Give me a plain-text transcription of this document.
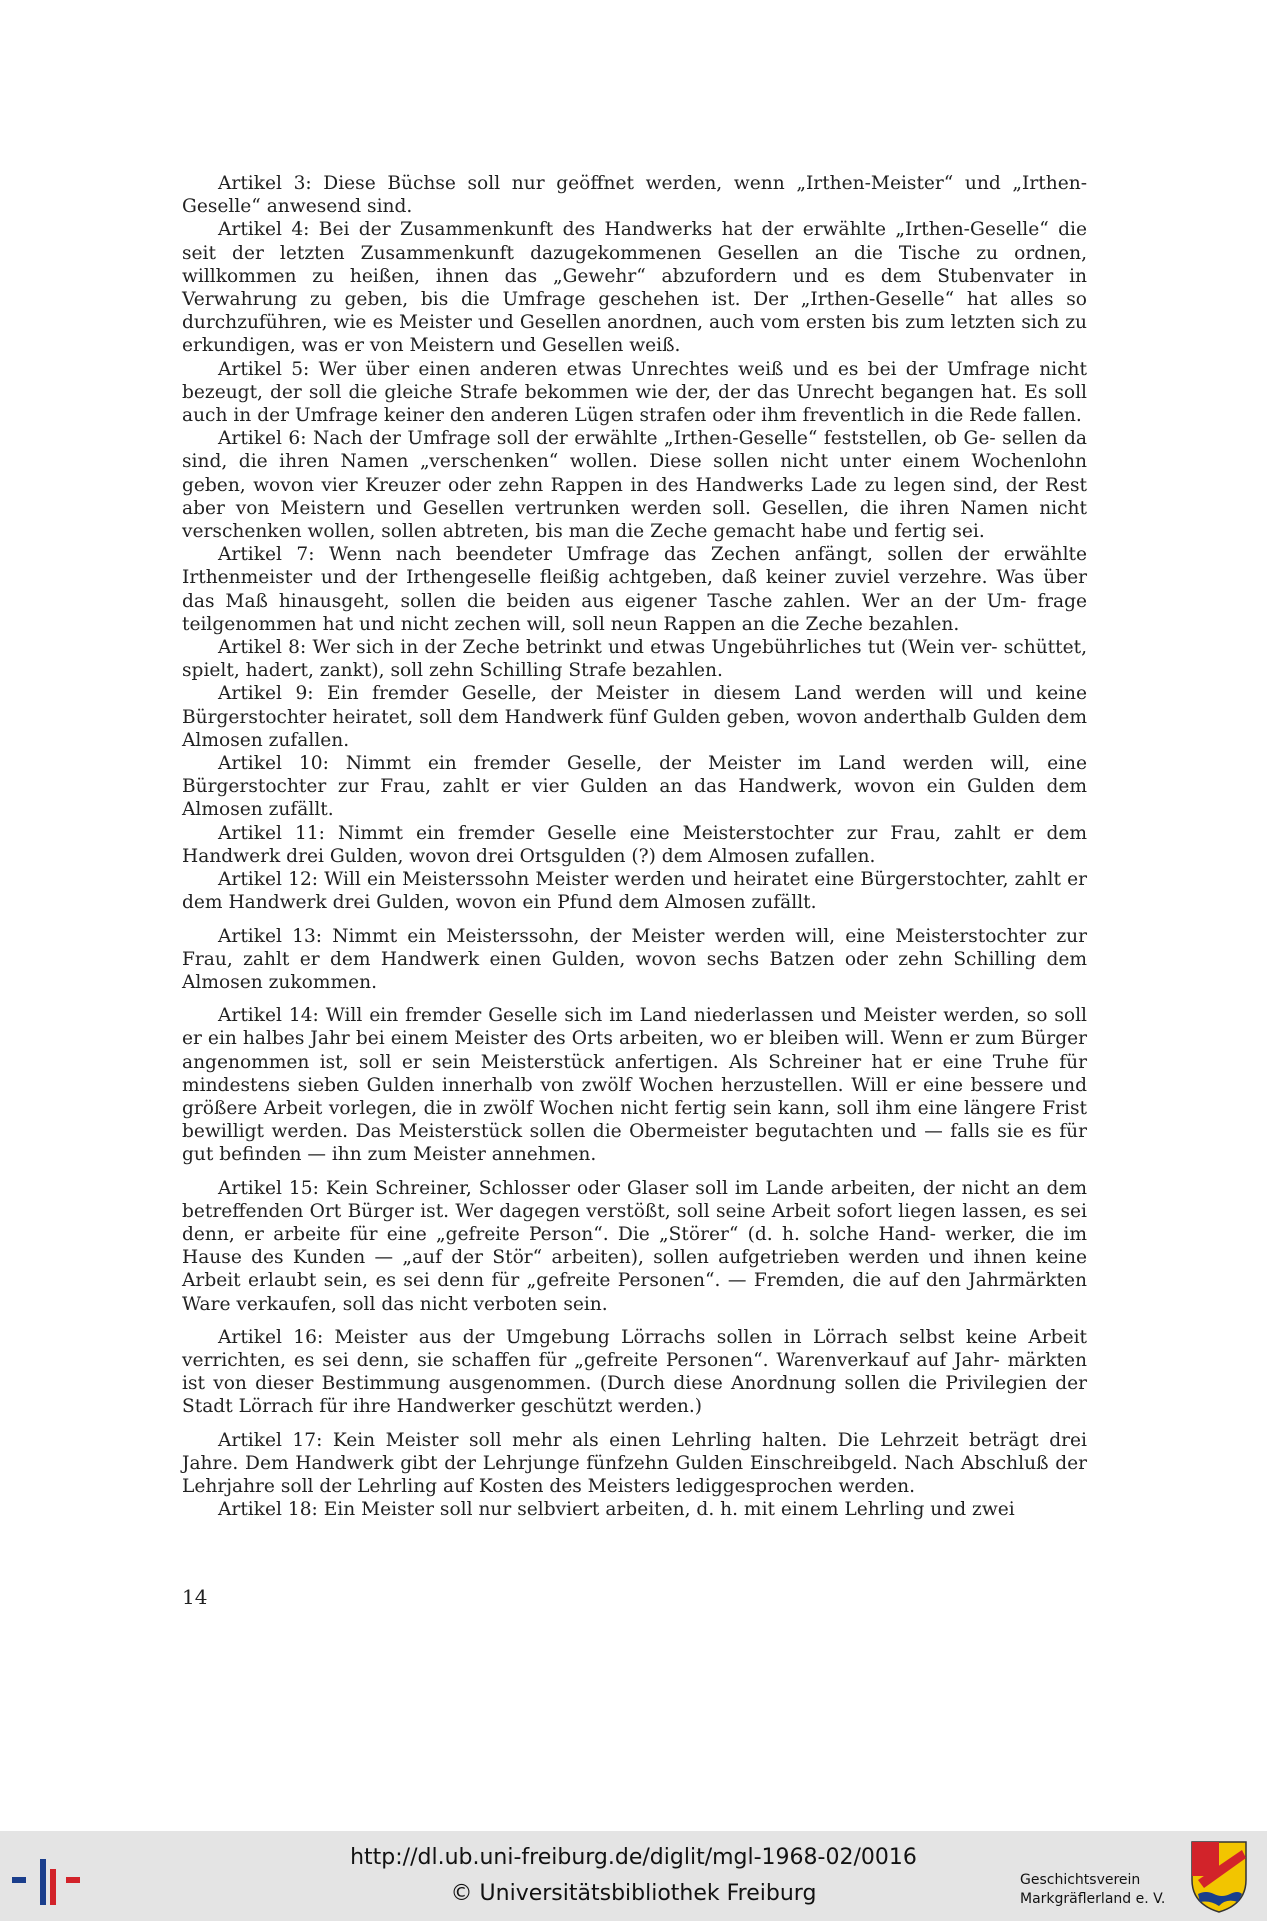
Artikel 3: Diese Büchse soll nur geöffnet werden, wenn „Irthen-Meister“ und „Irthen-Geselle“ anwesend sind.

Artikel 4: Bei der Zusammenkunft des Handwerks hat der erwählte „Irthen-Geselle“ die seit der letzten Zusammenkunft dazugekommenen Gesellen an die Tische zu ordnen, willkommen zu heißen, ihnen das „Gewehr“ abzufordern und es dem Stubenvater in Verwahrung zu geben, bis die Umfrage geschehen ist. Der „Irthen-Geselle“ hat alles so durchzuführen, wie es Meister und Gesellen anordnen, auch vom ersten bis zum letzten sich zu erkundigen, was er von Meistern und Gesellen weiß.

Artikel 5: Wer über einen anderen etwas Unrechtes weiß und es bei der Umfrage nicht bezeugt, der soll die gleiche Strafe bekommen wie der, der das Unrecht begangen hat. Es soll auch in der Umfrage keiner den anderen Lügen strafen oder ihm freventlich in die Rede fallen.

Artikel 6: Nach der Umfrage soll der erwählte „Irthen-Geselle“ feststellen, ob Ge- sellen da sind, die ihren Namen „verschenken“ wollen. Diese sollen nicht unter einem Wochenlohn geben, wovon vier Kreuzer oder zehn Rappen in des Handwerks Lade zu legen sind, der Rest aber von Meistern und Gesellen vertrunken werden soll. Gesellen, die ihren Namen nicht verschenken wollen, sollen abtreten, bis man die Zeche gemacht habe und fertig sei.

Artikel 7: Wenn nach beendeter Umfrage das Zechen anfängt, sollen der erwählte Irthenmeister und der Irthengeselle fleißig achtgeben, daß keiner zuviel verzehre. Was über das Maß hinausgeht, sollen die beiden aus eigener Tasche zahlen. Wer an der Um- frage teilgenommen hat und nicht zechen will, soll neun Rappen an die Zeche bezahlen.

Artikel 8: Wer sich in der Zeche betrinkt und etwas Ungebührliches tut (Wein ver- schüttet, spielt, hadert, zankt), soll zehn Schilling Strafe bezahlen.

Artikel 9: Ein fremder Geselle, der Meister in diesem Land werden will und keine Bürgerstochter heiratet, soll dem Handwerk fünf Gulden geben, wovon anderthalb Gulden dem Almosen zufallen.

Artikel 10: Nimmt ein fremder Geselle, der Meister im Land werden will, eine Bürgerstochter zur Frau, zahlt er vier Gulden an das Handwerk, wovon ein Gulden dem Almosen zufällt.

Artikel 11: Nimmt ein fremder Geselle eine Meisterstochter zur Frau, zahlt er dem Handwerk drei Gulden, wovon drei Ortsgulden (?) dem Almosen zufallen.

Artikel 12: Will ein Meisterssohn Meister werden und heiratet eine Bürgerstochter, zahlt er dem Handwerk drei Gulden, wovon ein Pfund dem Almosen zufällt.

Artikel 13: Nimmt ein Meisterssohn, der Meister werden will, eine Meisterstochter zur Frau, zahlt er dem Handwerk einen Gulden, wovon sechs Batzen oder zehn Schilling dem Almosen zukommen.

Artikel 14: Will ein fremder Geselle sich im Land niederlassen und Meister werden, so soll er ein halbes Jahr bei einem Meister des Orts arbeiten, wo er bleiben will. Wenn er zum Bürger angenommen ist, soll er sein Meisterstück anfertigen. Als Schreiner hat er eine Truhe für mindestens sieben Gulden innerhalb von zwölf Wochen herzustellen. Will er eine bessere und größere Arbeit vorlegen, die in zwölf Wochen nicht fertig sein kann, soll ihm eine längere Frist bewilligt werden. Das Meisterstück sollen die Obermeister begutachten und — falls sie es für gut befinden — ihn zum Meister annehmen.

Artikel 15: Kein Schreiner, Schlosser oder Glaser soll im Lande arbeiten, der nicht an dem betreffenden Ort Bürger ist. Wer dagegen verstößt, soll seine Arbeit sofort liegen lassen, es sei denn, er arbeite für eine „gefreite Person“. Die „Störer“ (d. h. solche Hand- werker, die im Hause des Kunden — „auf der Stör“ arbeiten), sollen aufgetrieben werden und ihnen keine Arbeit erlaubt sein, es sei denn für „gefreite Personen“. — Fremden, die auf den Jahrmärkten Ware verkaufen, soll das nicht verboten sein.

Artikel 16: Meister aus der Umgebung Lörrachs sollen in Lörrach selbst keine Arbeit verrichten, es sei denn, sie schaffen für „gefreite Personen“. Warenverkauf auf Jahr- märkten ist von dieser Bestimmung ausgenommen. (Durch diese Anordnung sollen die Privilegien der Stadt Lörrach für ihre Handwerker geschützt werden.)

Artikel 17: Kein Meister soll mehr als einen Lehrling halten. Die Lehrzeit beträgt drei Jahre. Dem Handwerk gibt der Lehrjunge fünfzehn Gulden Einschreibgeld. Nach Abschluß der Lehrjahre soll der Lehrling auf Kosten des Meisters lediggesprochen werden.

Artikel 18: Ein Meister soll nur selbviert arbeiten, d. h. mit einem Lehrling und zwei

14
http://dl.ub.uni-freiburg.de/diglit/mgl-1968-02/0016
© Universitätsbibliothek Freiburg
Geschichtsverein
Markgräflerland e. V.
